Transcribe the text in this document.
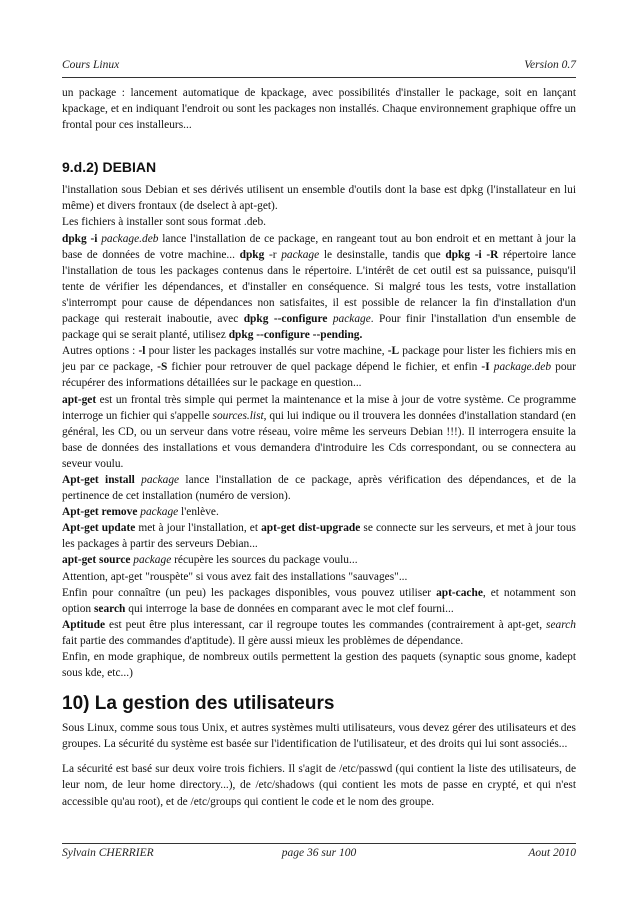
Cours Linux	Version 0.7

un package : lancement automatique de kpackage, avec possibilités d'installer le package, soit en lançant kpackage, et en indiquant l'endroit ou sont les packages non installés. Chaque environnement graphique offre un frontal pour ces installeurs...

9.d.2) DEBIAN

l'installation sous Debian et ses dérivés utilisent un ensemble d'outils dont la base est dpkg (l'installateur en lui même) et divers frontaux (de dselect à apt-get).
Les fichiers à installer sont sous format .deb.
dpkg -i package.deb lance l'installation de ce package, en rangeant tout au bon endroit et en mettant à jour la base de données de votre machine... dpkg -r package le desinstalle, tandis que dpkg -i -R répertoire lance l'installation de tous les packages contenus dans le répertoire. L'intérêt de cet outil est sa puissance, puisqu'il tente de vérifier les dépendances, et d'installer en conséquence. Si malgré tous les tests, votre installation s'interrompt pour cause de dépendances non satisfaites, il est possible de relancer la fin d'installation d'un package qui resterait inaboutie, avec dpkg --configure package. Pour finir l'installation d'un ensemble de package qui se serait planté, utilisez dpkg --configure --pending.
Autres options : -l pour lister les packages installés sur votre machine, -L package pour lister les fichiers mis en jeu par ce package, -S fichier pour retrouver de quel package dépend le fichier, et enfin -I package.deb pour récupérer des informations détaillées sur le package en question...
apt-get est un frontal très simple qui permet la maintenance et la mise à jour de votre système. Ce programme interroge un fichier qui s'appelle sources.list, qui lui indique ou il trouvera les données d'installation standard (en général, les CD, ou un serveur dans votre réseau, voire même les serveurs Debian !!!). Il interrogera ensuite la base de données des installations et vous demandera d'introduire les Cds correspondant, ou se connectera au seveur voulu.
Apt-get install package lance l'installation de ce package, après vérification des dépendances, et de la pertinence de cet installation (numéro de version).
Apt-get remove package l'enlève.
Apt-get update met à jour l'installation, et apt-get dist-upgrade se connecte sur les serveurs, et met à jour tous les packages à partir des serveurs Debian...
apt-get source package récupère les sources du package voulu...
Attention, apt-get "rouspète" si vous avez fait des installations "sauvages"...
Enfin pour connaître (un peu) les packages disponibles, vous pouvez utiliser apt-cache, et notamment son option search qui interroge la base de données en comparant avec le mot clef fourni...
Aptitude est peut être plus interessant, car il regroupe toutes les commandes (contrairement à apt-get, search fait partie des commandes d'aptitude). Il gère aussi mieux les problèmes de dépendance.
Enfin, en mode graphique, de nombreux outils permettent la gestion des paquets (synaptic sous gnome, kadept sous kde, etc...)

10) La gestion des utilisateurs

Sous Linux, comme sous tous Unix, et autres systèmes multi utilisateurs, vous devez gérer des utilisateurs et des groupes. La sécurité du système est basée sur l'identification de l'utilisateur, et des droits qui lui sont associés...

La sécurité est basé sur deux voire trois fichiers. Il s'agit de /etc/passwd (qui contient la liste des utilisateurs, de leur nom, de leur home directory...), de /etc/shadows (qui contient les mots de passe en crypté, et qui n'est accessible qu'au root), et de /etc/groups qui contient le code et le nom des groupe.

Sylvain CHERRIER	page 36 sur 100	Aout 2010
